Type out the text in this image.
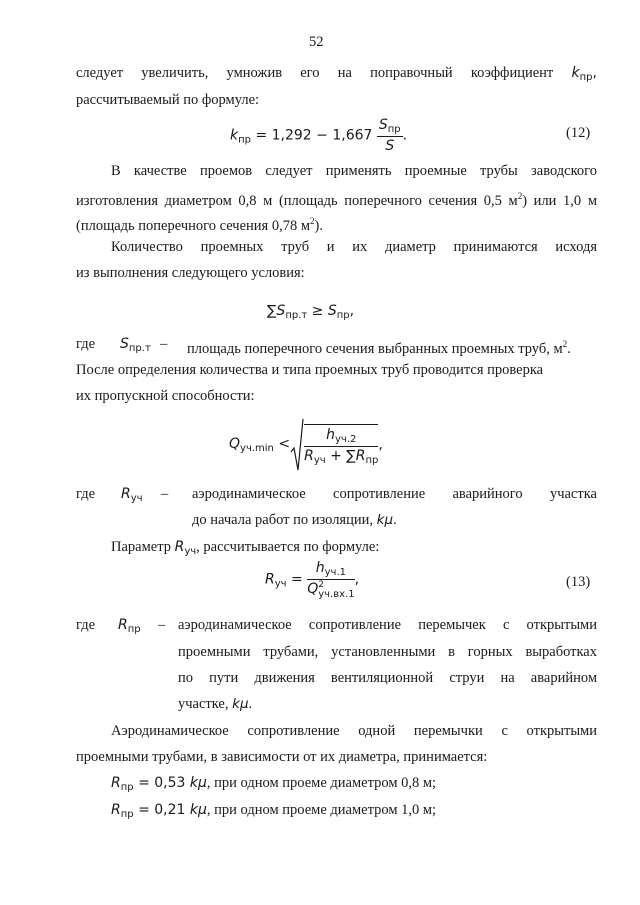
52
следует увеличить, умножив его на поправочный коэффициент $k_{пр}$,
рассчитываемый по формуле:
$k_{пр} = 1,292 - 1,667 \frac{S_{пр}}{S}$ .	(12)
В качестве проемов следует применять проемные трубы заводского
изготовления диаметром 0,8 м (площадь поперечного сечения 0,5 $м^2$) или 1,0 м
(площадь поперечного сечения 0,78 $м^2$).
Количество проемных труб и их диаметр принимаются исходя
из выполнения следующего условия:
$\sum S_{пр.т} \ge S_{пр}$,
где $S_{пр.т}$ – площадь поперечного сечения выбранных проемных труб, $м^2$.
После определения количества и типа проемных труб проводится проверка
их пропускной способности:
$Q_{уч.min} < \frac{h_{уч.2}}{R_{уч} + \sum R_{пр}}$ ,
где $R_{уч}$ – аэродинамическое сопротивление аварийного участка
до начала работ по изоляции, kμ.
Параметр $R_{уч}$, рассчитывается по формуле:
$R_{уч} = h_{уч.1}$
Q 2
уч.вх.1 ,	(13)
где $R_{пр}$ – аэродинамическое сопротивление перемычек с открытыми
проемными трубами, установленными в горных выработках
по пути движения вентиляционной струи на аварийном
участке, kμ.
Аэродинамическое сопротивление одной перемычки с открытыми
проемными трубами, в зависимости от их диаметра, принимается:
$R_{пр} = 0,53$ kμ, при одном проеме диаметром 0,8 м;
$R_{пр} = 0,21$ kμ, при одном проеме диаметром 1,0 м;
